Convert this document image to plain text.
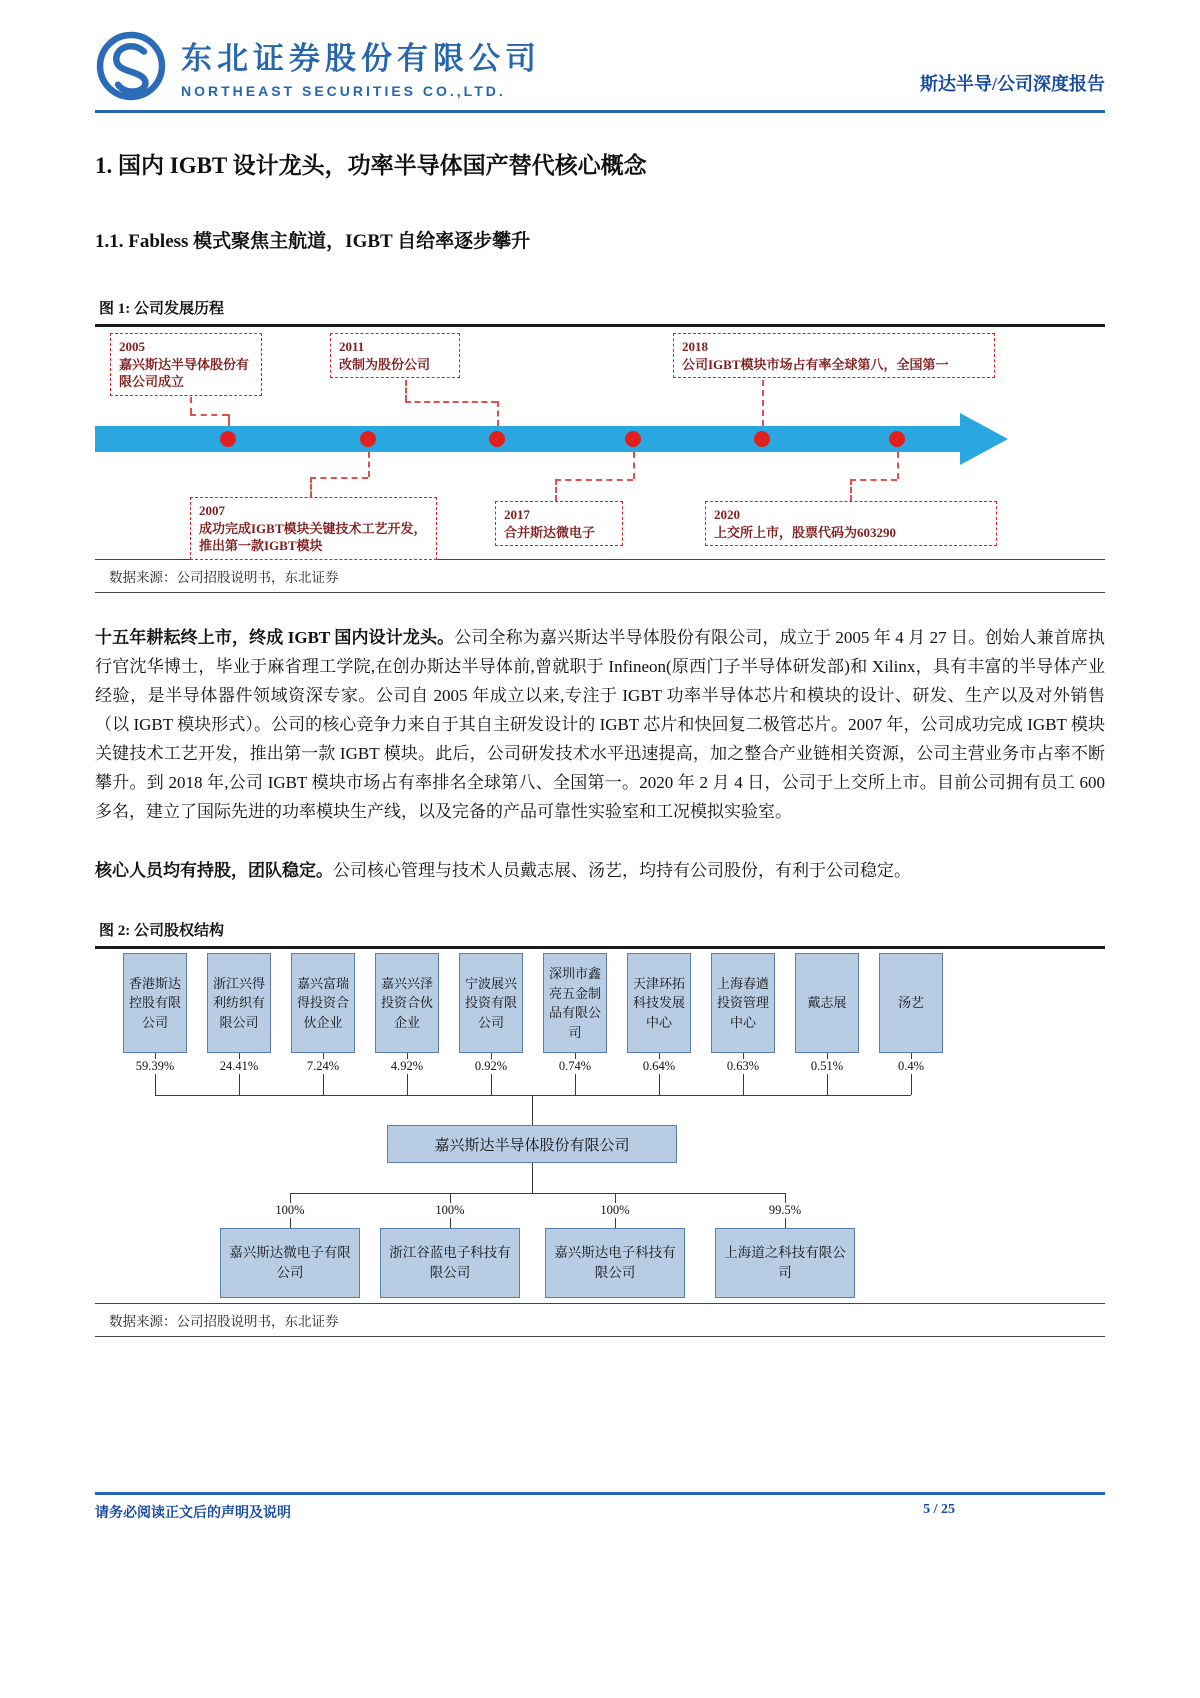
东北证券股份有限公司
NORTHEAST SECURITIES CO.,LTD.	斯达半导/公司深度报告
1. 国内 IGBT 设计龙头，功率半导体国产替代核心概念
1.1. Fabless 模式聚焦主航道，IGBT 自给率逐步攀升
图 1: 公司发展历程
2005
嘉兴斯达半导体股份有限公司成立
2011
改制为股份公司
2018
公司IGBT模块市场占有率全球第八，全国第一
2007
成功完成IGBT模块关键技术工艺开发，推出第一款IGBT模块
2017
合并斯达微电子
2020
上交所上市，股票代码为603290
数据来源：公司招股说明书，东北证券

十五年耕耘终上市，终成 IGBT 国内设计龙头。公司全称为嘉兴斯达半导体股份有限公司，成立于 2005 年 4 月 27 日。创始人兼首席执行官沈华博士，毕业于麻省理工学院,在创办斯达半导体前,曾就职于 Infineon(原西门子半导体研发部)和 Xilinx，具有丰富的半导体产业经验，是半导体器件领域资深专家。公司自 2005 年成立以来,专注于 IGBT 功率半导体芯片和模块的设计、研发、生产以及对外销售（以 IGBT 模块形式）。公司的核心竞争力来自于其自主研发设计的 IGBT 芯片和快回复二极管芯片。2007 年，公司成功完成 IGBT 模块关键技术工艺开发，推出第一款 IGBT 模块。此后，公司研发技术水平迅速提高，加之整合产业链相关资源，公司主营业务市占率不断攀升。到 2018 年,公司 IGBT 模块市场占有率排名全球第八、全国第一。2020 年 2 月 4 日，公司于上交所上市。目前公司拥有员工 600 多名，建立了国际先进的功率模块生产线，以及完备的产品可靠性实验室和工况模拟实验室。

核心人员均有持股，团队稳定。公司核心管理与技术人员戴志展、汤艺，均持有公司股份，有利于公司稳定。

图 2: 公司股权结构
香港斯达控股有限公司
浙江兴得利纺织有限公司
嘉兴富瑞得投资合伙企业
嘉兴兴泽投资合伙企业
宁波展兴投资有限公司
深圳市鑫亮五金制品有限公司
天津环拓科技发展中心
上海春遒投资管理中心
戴志展	汤艺
59.39%	24.41%	7.24%	4.92%	0.92%	0.74%	0.64%	0.63%	0.51%	0.4%
嘉兴斯达半导体股份有限公司
100%	100%	100%	99.5%
嘉兴斯达微电子有限公司
浙江谷蓝电子科技有限公司
嘉兴斯达电子科技有限公司
上海道之科技有限公司
数据来源：公司招股说明书，东北证券
请务必阅读正文后的声明及说明	5 / 25
